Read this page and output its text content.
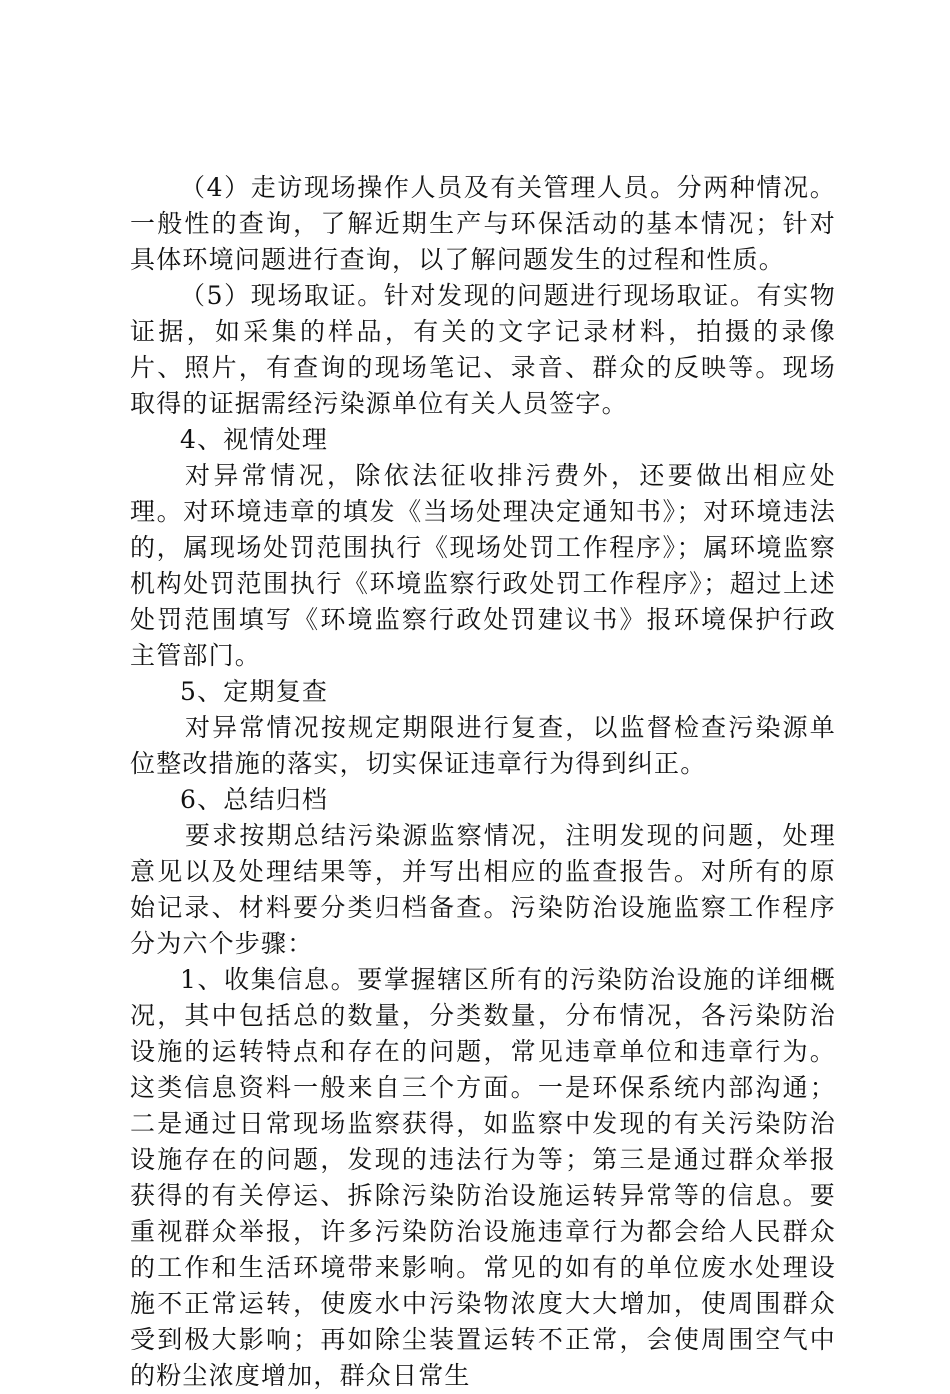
（4）走访现场操作人员及有关管理人员。分两种情况。一般性的查询，了解近期生产与环保活动的基本情况；针对具体环境问题进行查询，以了解问题发生的过程和性质。

（5）现场取证。针对发现的问题进行现场取证。有实物证据，如采集的样品，有关的文字记录材料，拍摄的录像片、照片，有查询的现场笔记、录音、群众的反映等。现场取得的证据需经污染源单位有关人员签字。

4、视情处理

对异常情况，除依法征收排污费外，还要做出相应处理。对环境违章的填发《当场处理决定通知书》；对环境违法的，属现场处罚范围执行《现场处罚工作程序》；属环境监察机构处罚范围执行《环境监察行政处罚工作程序》；超过上述处罚范围填写《环境监察行政处罚建议书》报环境保护行政主管部门。

5、定期复查

对异常情况按规定期限进行复查，以监督检查污染源单位整改措施的落实，切实保证违章行为得到纠正。

6、总结归档

要求按期总结污染源监察情况，注明发现的问题，处理意见以及处理结果等，并写出相应的监查报告。对所有的原始记录、材料要分类归档备查。污染防治设施监察工作程序分为六个步骤：

1、收集信息。要掌握辖区所有的污染防治设施的详细概况，其中包括总的数量，分类数量，分布情况，各污染防治设施的运转特点和存在的问题，常见违章单位和违章行为。这类信息资料一般来自三个方面。一是环保系统内部沟通；二是通过日常现场监察获得，如监察中发现的有关污染防治设施存在的问题，发现的违法行为等；第三是通过群众举报获得的有关停运、拆除污染防治设施运转异常等的信息。要重视群众举报，许多污染防治设施违章行为都会给人民群众的工作和生活环境带来影响。常见的如有的单位废水处理设施不正常运转，使废水中污染物浓度大大增加，使周围群众受到极大影响；再如除尘装置运转不正常，会使周围空气中的粉尘浓度增加，群众日常生
